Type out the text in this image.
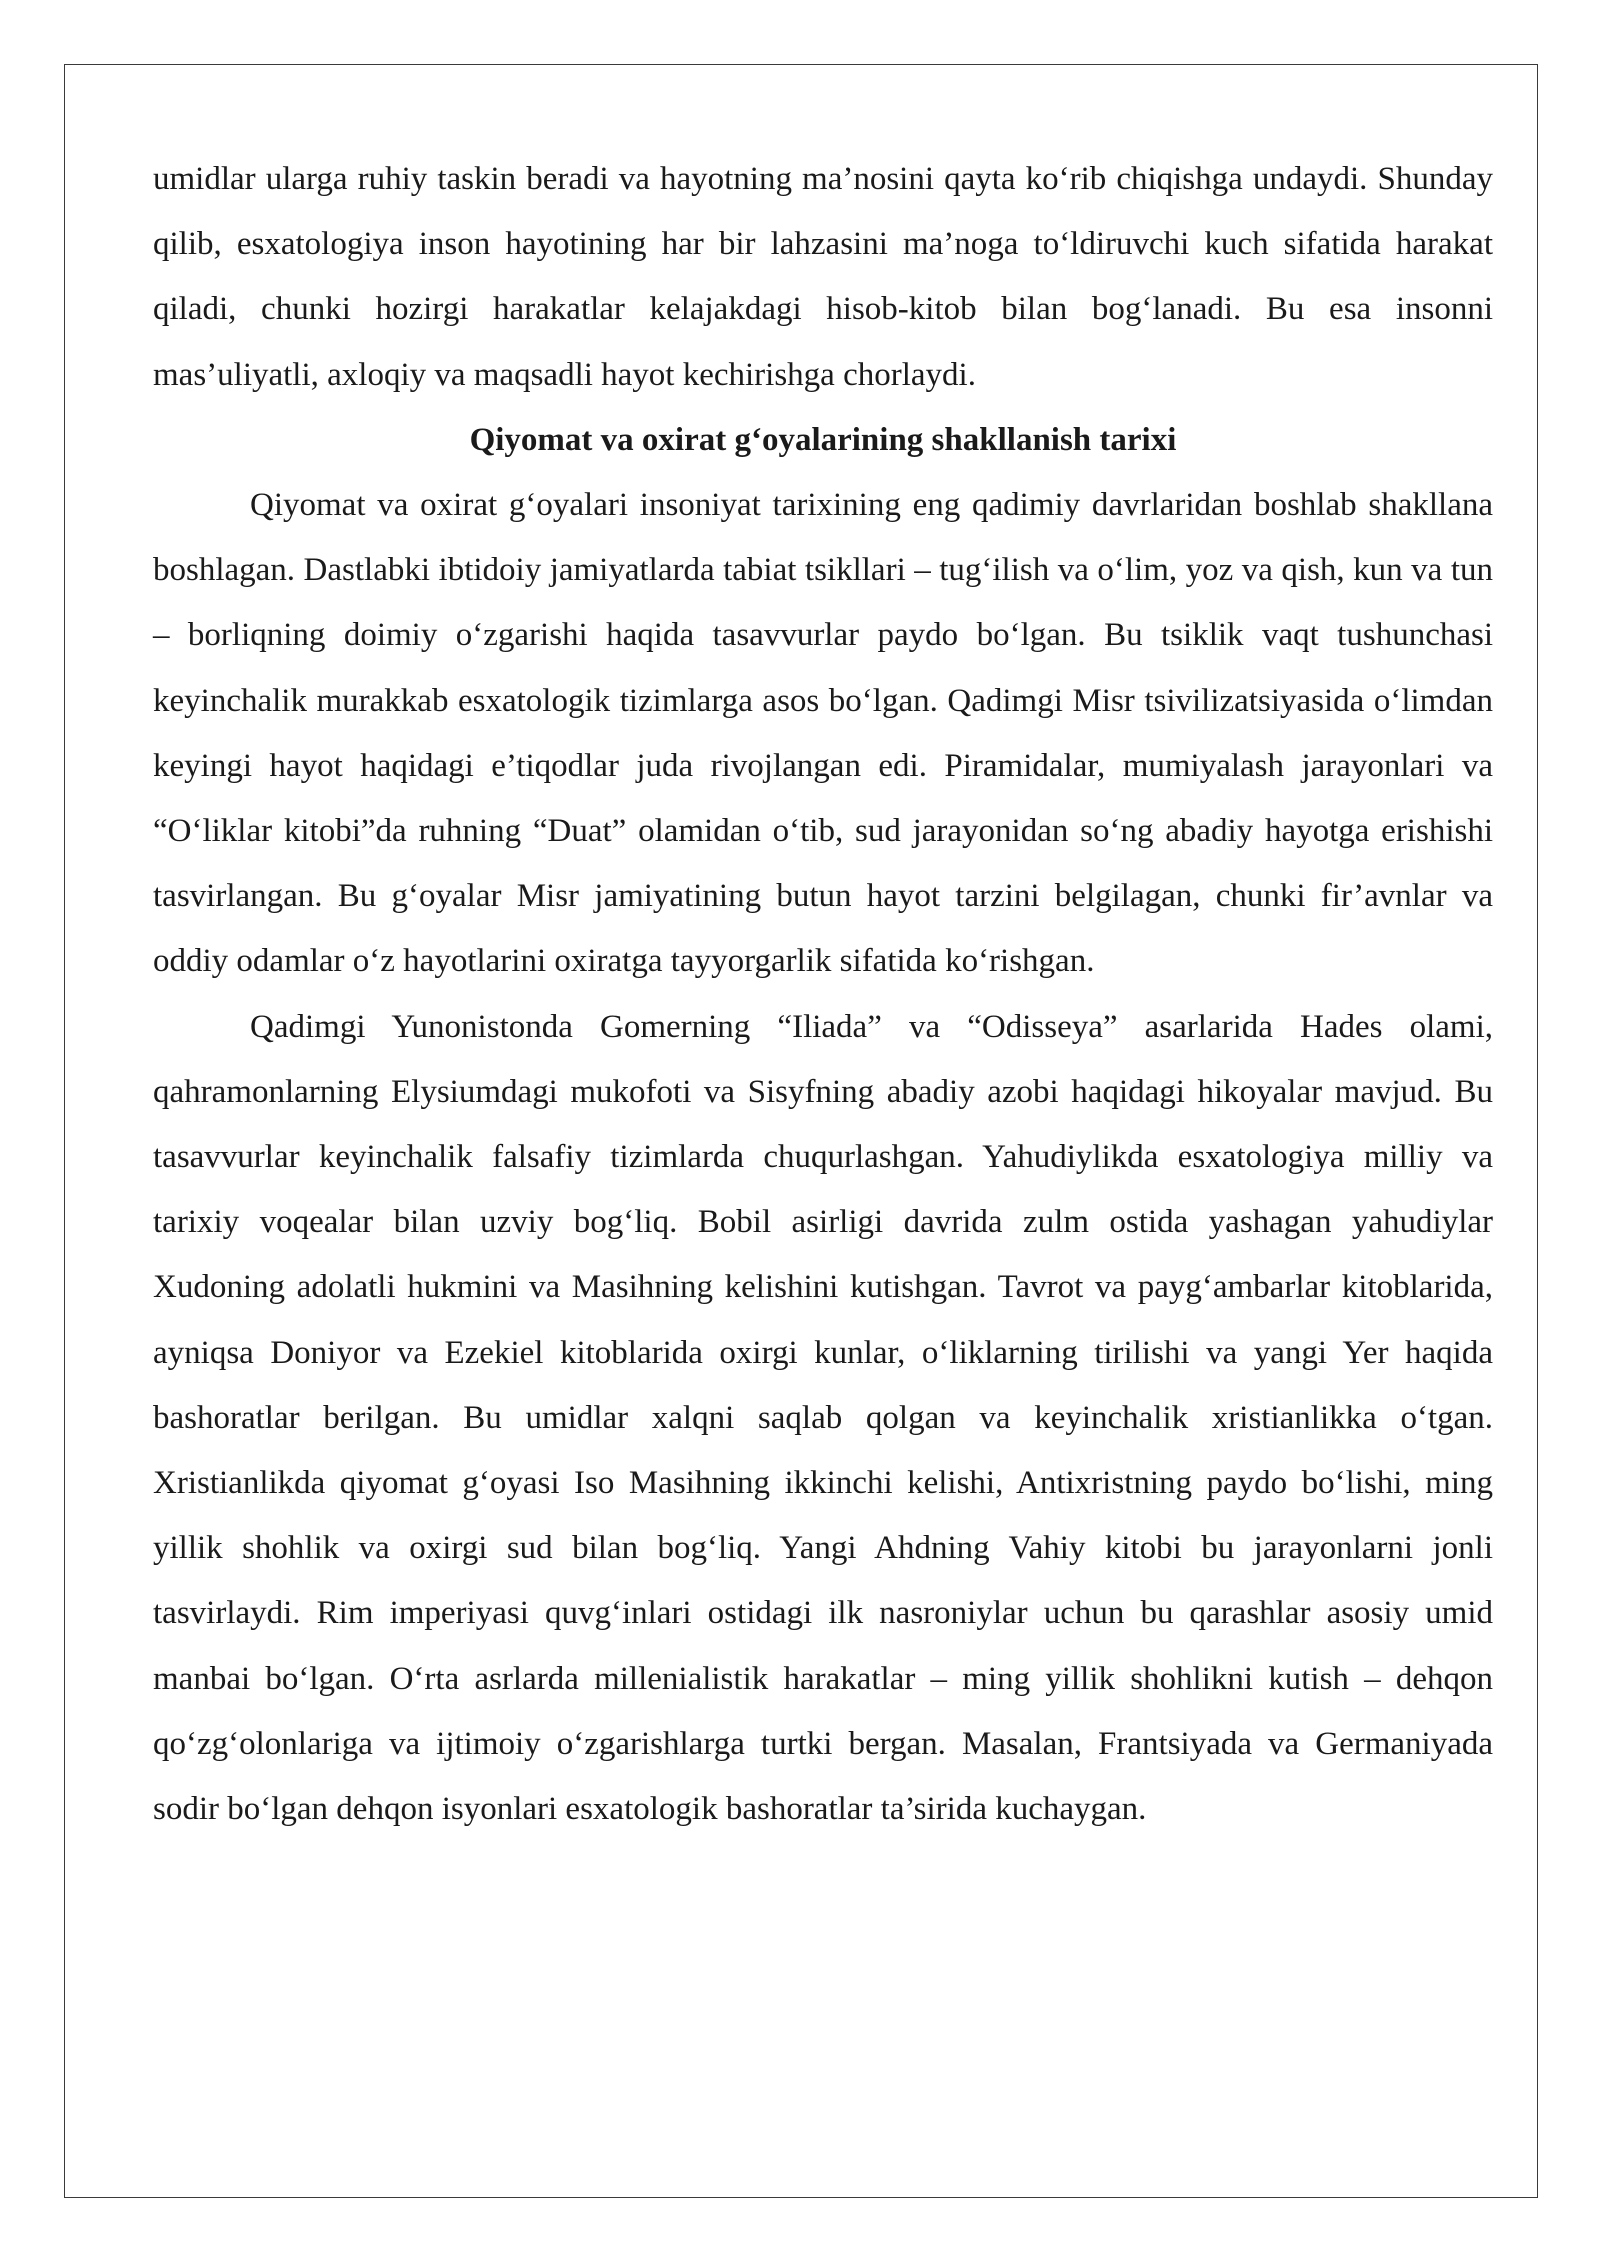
umidlar ularga ruhiy taskin beradi va hayotning ma’nosini qayta ko‘rib chiqishga undaydi. Shunday qilib, esxatologiya inson hayotining har bir lahzasini ma’noga to‘ldiruvchi kuch sifatida harakat qiladi, chunki hozirgi harakatlar kelajakdagi hisob-kitob bilan bog‘lanadi. Bu esa insonni mas’uliyatli, axloqiy va maqsadli hayot kechirishga chorlaydi.

Qiyomat va oxirat g‘oyalarining shakllanish tarixi

Qiyomat va oxirat g‘oyalari insoniyat tarixining eng qadimiy davrlaridan boshlab shakllana boshlagan. Dastlabki ibtidoiy jamiyatlarda tabiat tsikllari – tug‘ilish va o‘lim, yoz va qish, kun va tun – borliqning doimiy o‘zgarishi haqida tasavvurlar paydo bo‘lgan. Bu tsiklik vaqt tushunchasi keyinchalik murakkab esxatologik tizimlarga asos bo‘lgan. Qadimgi Misr tsivilizatsiyasida o‘limdan keyingi hayot haqidagi e’tiqodlar juda rivojlangan edi. Piramidalar, mumiyalash jarayonlari va “O‘liklar kitobi”da ruhning “Duat” olamidan o‘tib, sud jarayonidan so‘ng abadiy hayotga erishishi tasvirlangan. Bu g‘oyalar Misr jamiyatining butun hayot tarzini belgilagan, chunki fir’avnlar va oddiy odamlar o‘z hayotlarini oxiratga tayyorgarlik sifatida ko‘rishgan.

Qadimgi Yunonistonda Gomerning “Iliada” va “Odisseya” asarlarida Hades olami, qahramonlarning Elysiumdagi mukofoti va Sisyfning abadiy azobi haqidagi hikoyalar mavjud. Bu tasavvurlar keyinchalik falsafiy tizimlarda chuqurlashgan. Yahudiylikda esxatologiya milliy va tarixiy voqealar bilan uzviy bog‘liq. Bobil asirligi davrida zulm ostida yashagan yahudiylar Xudoning adolatli hukmini va Masihning kelishini kutishgan. Tavrot va payg‘ambarlar kitoblarida, ayniqsa Doniyor va Ezekiel kitoblarida oxirgi kunlar, o‘liklarning tirilishi va yangi Yer haqida bashoratlar berilgan. Bu umidlar xalqni saqlab qolgan va keyinchalik xristianlikka o‘tgan. Xristianlikda qiyomat g‘oyasi Iso Masihning ikkinchi kelishi, Antixristning paydo bo‘lishi, ming yillik shohlik va oxirgi sud bilan bog‘liq. Yangi Ahdning Vahiy kitobi bu jarayonlarni jonli tasvirlaydi. Rim imperiyasi quvg‘inlari ostidagi ilk nasroniylar uchun bu qarashlar asosiy umid manbai bo‘lgan. O‘rta asrlarda millenialistik harakatlar – ming yillik shohlikni kutish – dehqon qo‘zg‘olonlariga va ijtimoiy o‘zgarishlarga turtki bergan. Masalan, Frantsiyada va Germaniyada sodir bo‘lgan dehqon isyonlari esxatologik bashoratlar ta’sirida kuchaygan.
